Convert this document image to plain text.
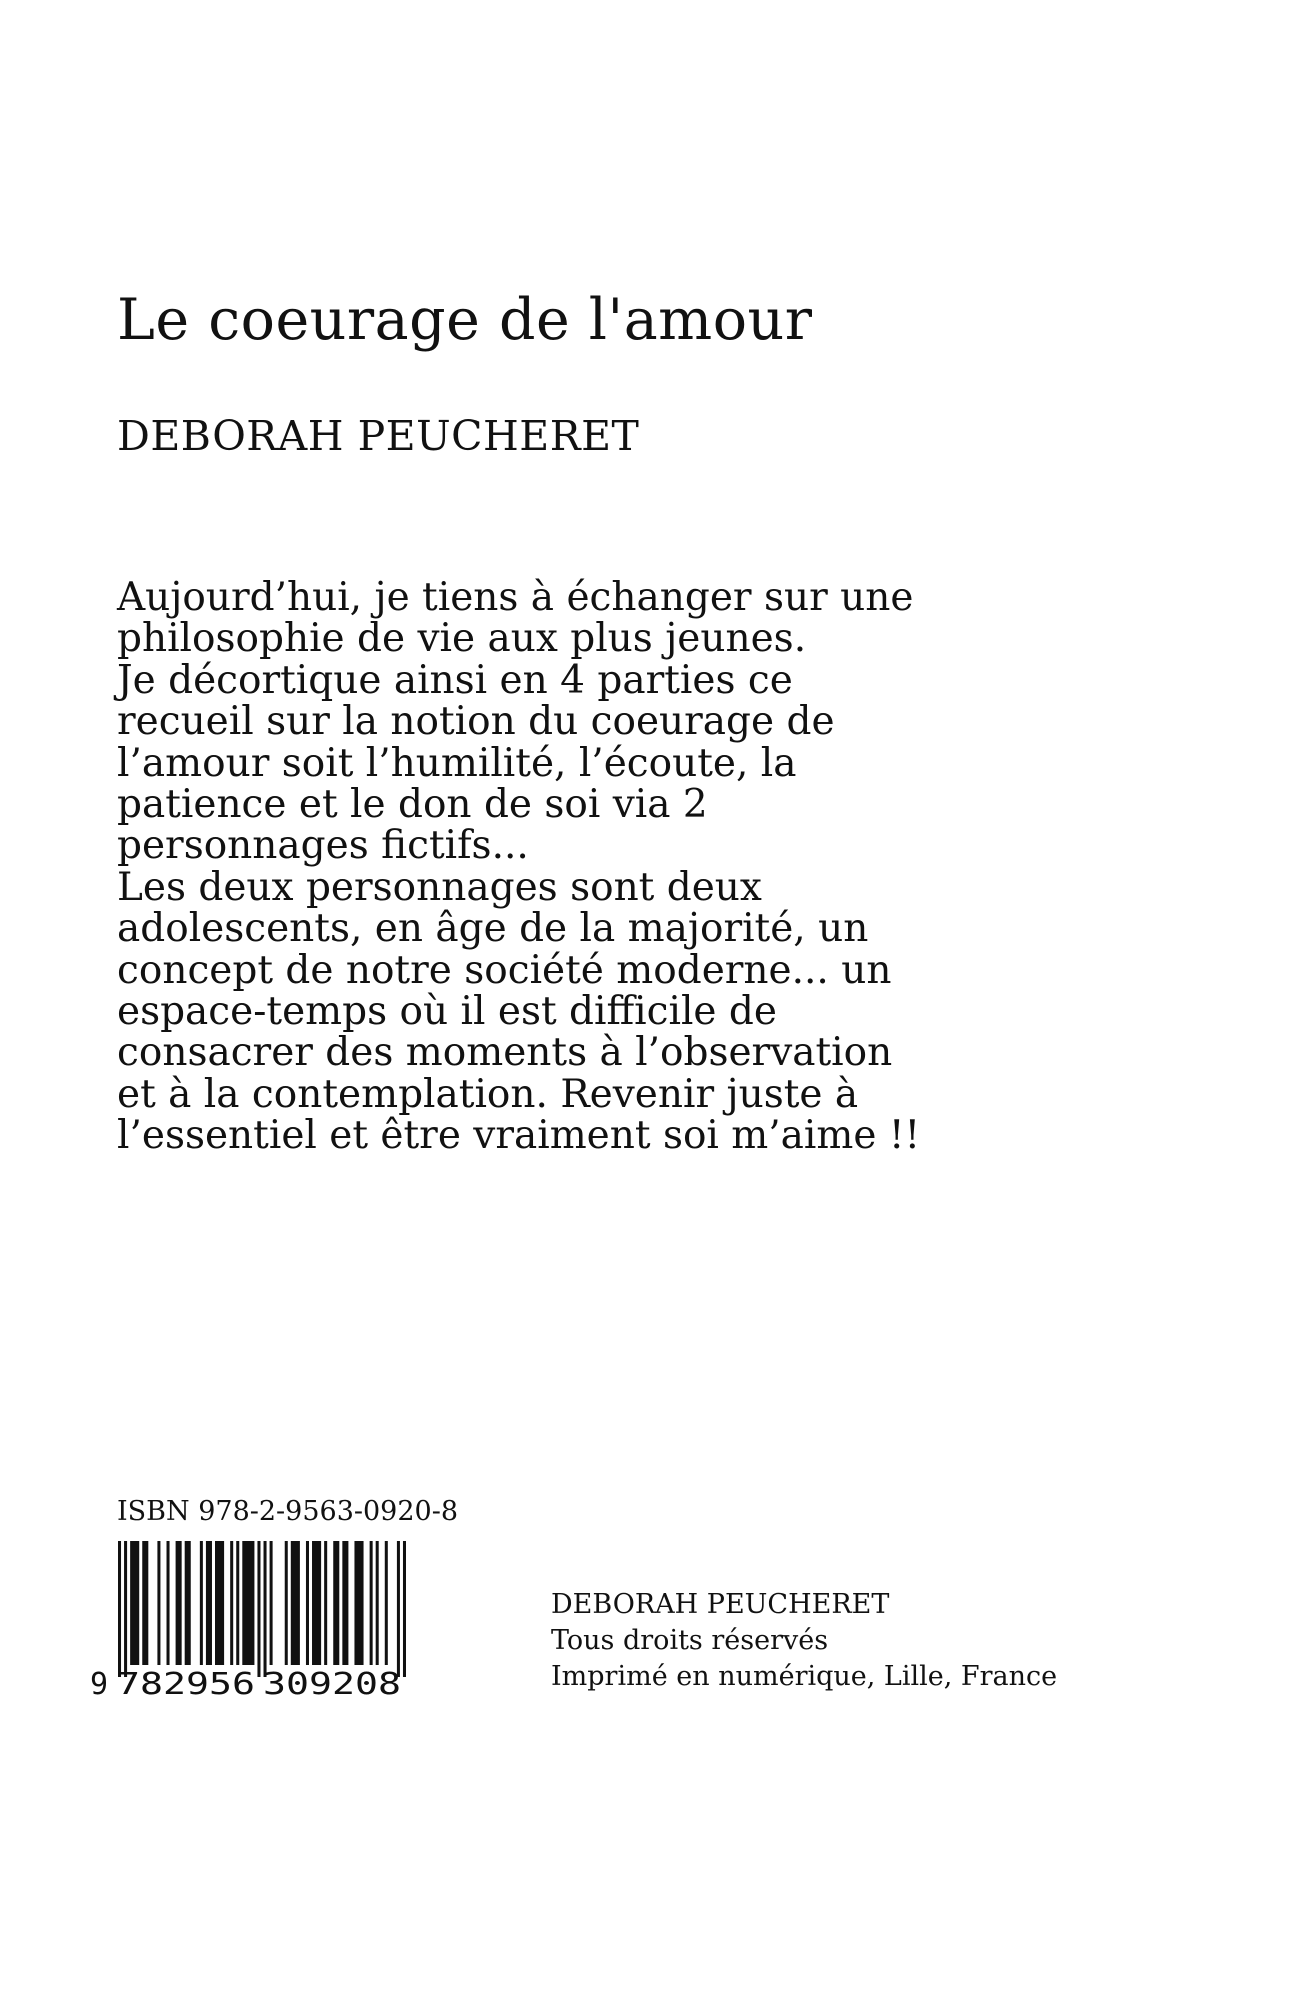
Le coeurage de l'amour
DEBORAH PEUCHERET
Aujourd’hui, je tiens à échanger sur une
philosophie de vie aux plus jeunes.
Je décortique ainsi en 4 parties ce
recueil sur la notion du coeurage de
l’amour soit l’humilité, l’écoute, la
patience et le don de soi via 2
personnages fictifs...
Les deux personnages sont deux
adolescents, en âge de la majorité, un
concept de notre société moderne... un
espace-temps où il est difficile de
consacrer des moments à l’observation
et à la contemplation. Revenir juste à
l’essentiel et être vraiment soi m’aime !!
ISBN 978-2-9563-0920-8
9 782956 309208
DEBORAH PEUCHERET
Tous droits réservés
Imprimé en numérique, Lille, France
